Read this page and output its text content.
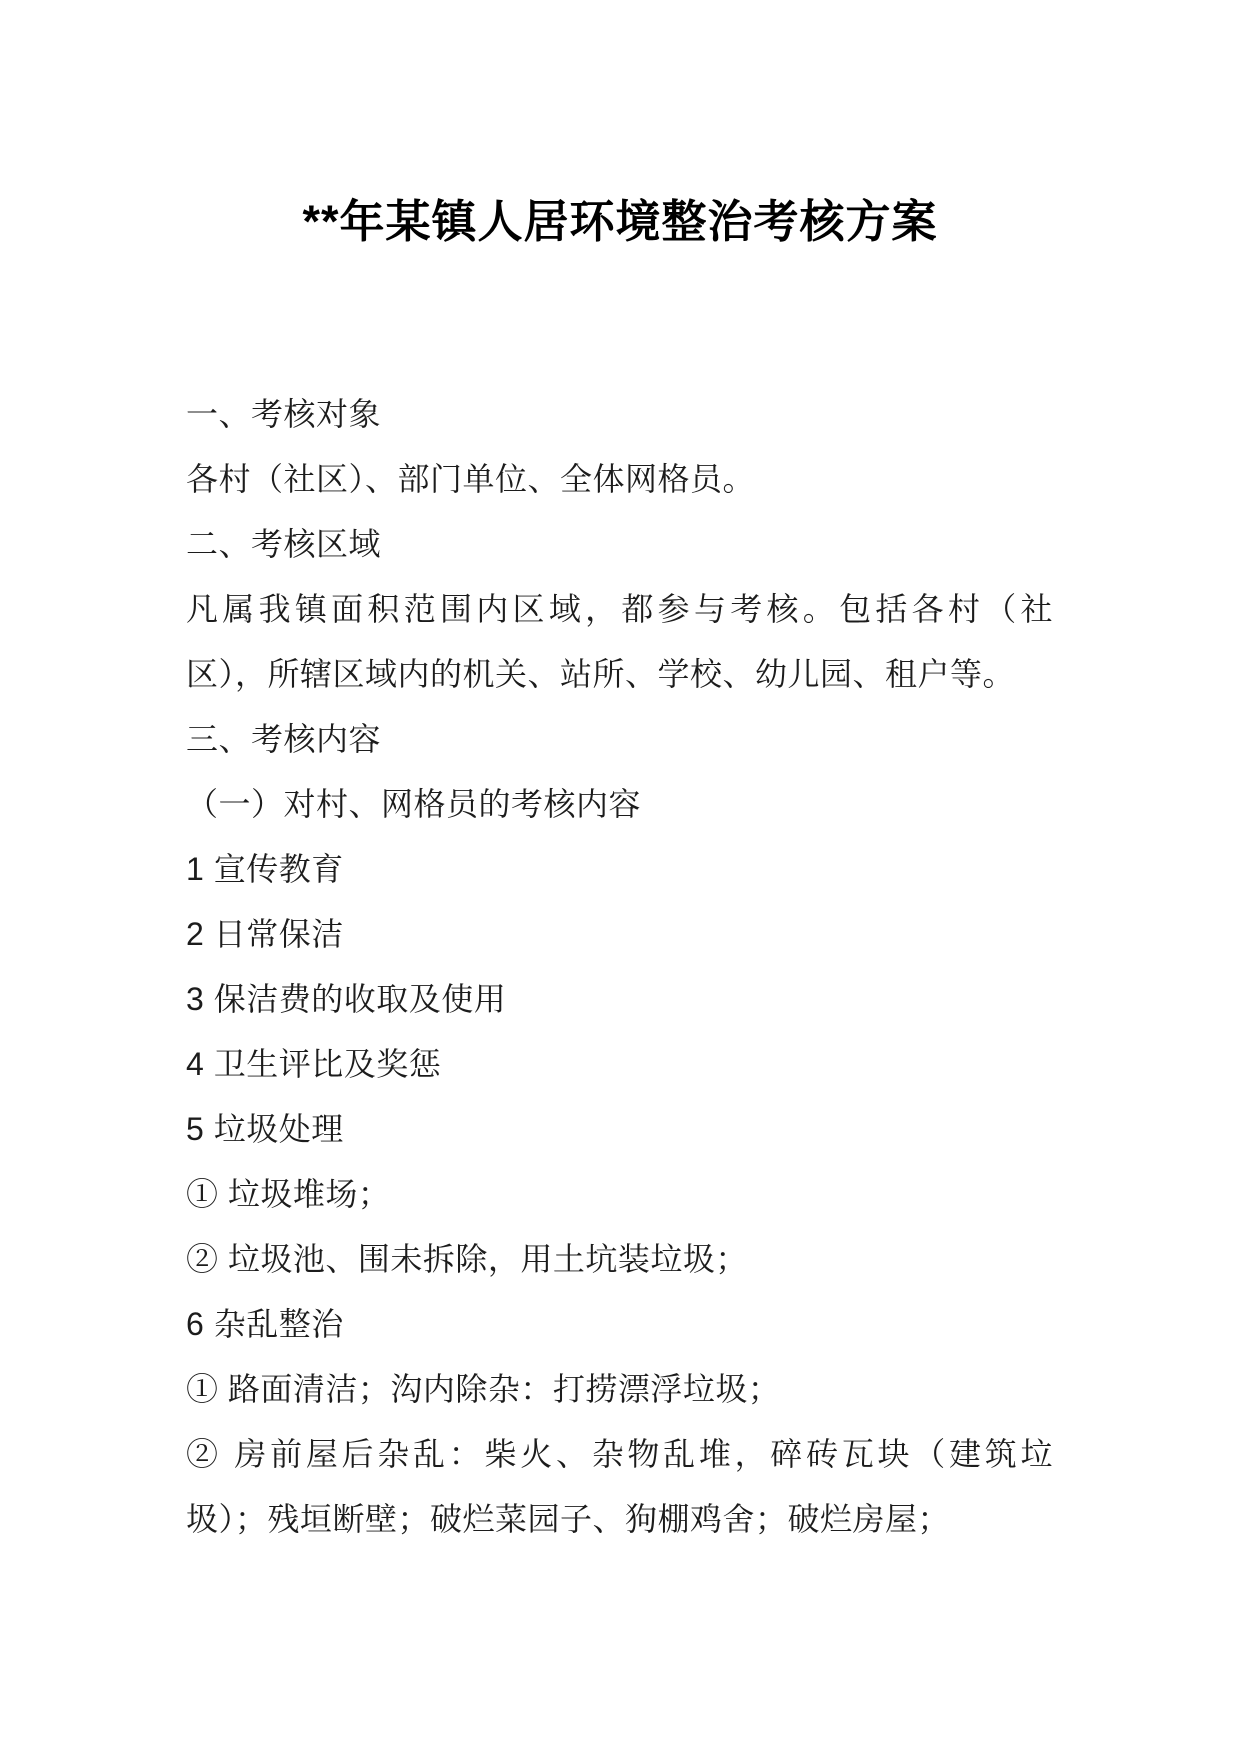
**年某镇人居环境整治考核方案
一、考核对象
各村（社区）、部门单位、全体网格员。
二、考核区域
凡属我镇面积范围内区域，都参与考核。包括各村（社
区），所辖区域内的机关、站所、学校、幼儿园、租户等。
三、考核内容
（一）对村、网格员的考核内容
1 宣传教育
2 日常保洁
3 保洁费的收取及使用
4 卫生评比及奖惩
5 垃圾处理
① 垃圾堆场；
② 垃圾池、围未拆除，用土坑装垃圾；
6 杂乱整治
① 路面清洁；沟内除杂：打捞漂浮垃圾；
② 房前屋后杂乱：柴火、杂物乱堆，碎砖瓦块（建筑垃
圾）；残垣断壁；破烂菜园子、狗棚鸡舍；破烂房屋；
